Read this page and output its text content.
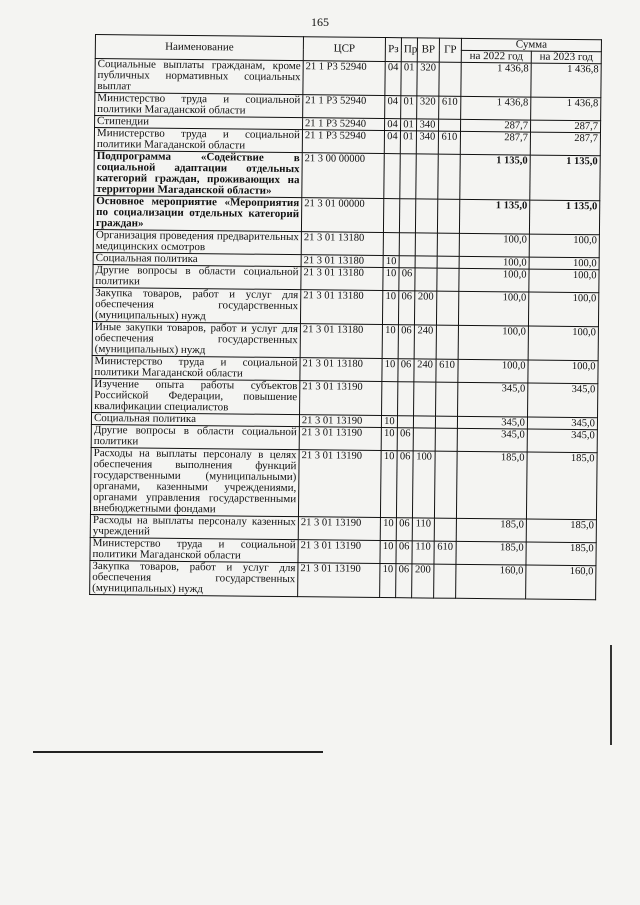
165
Наименование	ЦСР	Рз	Пр	ВР	ГР	Сумма	
						на 2022 год	на 2023 год
Социальные выплаты гражданам, кроме публичных нормативных социальных выплат	21 1 Р3 52940	04	01	320		1 436,8	1 436,8
Министерство труда и социальной политики Магаданской области	21 1 Р3 52940	04	01	320	610	1 436,8	1 436,8
Стипендии	21 1 Р3 52940	04	01	340		287,7	287,7
Министерство труда и социальной политики Магаданской области	21 1 Р3 52940	04	01	340	610	287,7	287,7
Подпрограмма «Содействие в социальной адаптации отдельных категорий граждан, проживающих на территории Магаданской области»	21 3 00 00000					1 135,0	1 135,0
Основное мероприятие «Мероприятия по социализации отдельных категорий граждан»	21 3 01 00000					1 135,0	1 135,0
Организация проведения предварительных медицинских осмотров	21 3 01 13180					100,0	100,0
Социальная политика	21 3 01 13180	10				100,0	100,0
Другие вопросы в области социальной политики	21 3 01 13180	10	06			100,0	100,0
Закупка товаров, работ и услуг для обеспечения государственных (муниципальных) нужд	21 3 01 13180	10	06	200		100,0	100,0
Иные закупки товаров, работ и услуг для обеспечения государственных (муниципальных) нужд	21 3 01 13180	10	06	240		100,0	100,0
Министерство труда и социальной политики Магаданской области	21 3 01 13180	10	06	240	610	100,0	100,0
Изучение опыта работы субъектов Российской Федерации, повышение квалификации специалистов	21 3 01 13190					345,0	345,0
Социальная политика	21 3 01 13190	10				345,0	345,0
Другие вопросы в области социальной политики	21 3 01 13190	10	06			345,0	345,0
Расходы на выплаты персоналу в целях обеспечения выполнения функций государственными (муниципальными) органами, казенными учреждениями, органами управления государственными внебюджетными фондами	21 3 01 13190	10	06	100		185,0	185,0
Расходы на выплаты персоналу казенных учреждений	21 3 01 13190	10	06	110		185,0	185,0
Министерство труда и социальной политики Магаданской области	21 3 01 13190	10	06	110	610	185,0	185,0
Закупка товаров, работ и услуг для обеспечения государственных (муниципальных) нужд	21 3 01 13190	10	06	200		160,0	160,0
